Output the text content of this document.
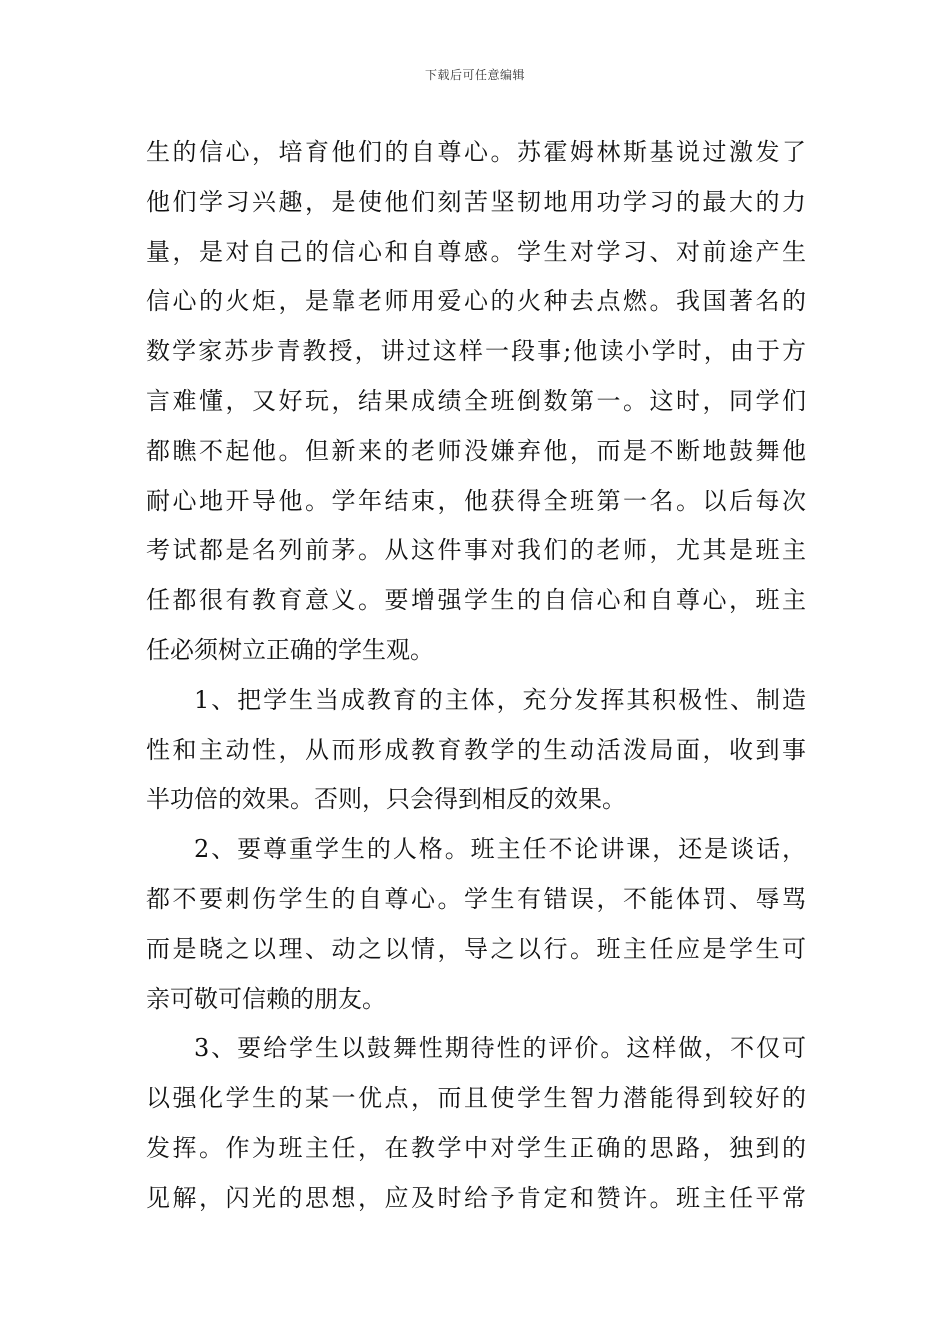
下载后可任意编辑
生的信心，培育他们的自尊心。苏霍姆林斯基说过激发了
他们学习兴趣，是使他们刻苦坚韧地用功学习的最大的力
量，是对自己的信心和自尊感。学生对学习、对前途产生
信心的火炬，是靠老师用爱心的火种去点燃。我国著名的
数学家苏步青教授，讲过这样一段事;他读小学时，由于方
言难懂，又好玩，结果成绩全班倒数第一。这时，同学们
都瞧不起他。但新来的老师没嫌弃他，而是不断地鼓舞他
耐心地开导他。学年结束，他获得全班第一名。以后每次
考试都是名列前茅。从这件事对我们的老师，尤其是班主
任都很有教育意义。要增强学生的自信心和自尊心，班主
任必须树立正确的学生观。
1、把学生当成教育的主体，充分发挥其积极性、制造
性和主动性，从而形成教育教学的生动活泼局面，收到事
半功倍的效果。否则，只会得到相反的效果。
2、要尊重学生的人格。班主任不论讲课，还是谈话，
都不要刺伤学生的自尊心。学生有错误，不能体罚、辱骂
而是晓之以理、动之以情，导之以行。班主任应是学生可
亲可敬可信赖的朋友。
3、要给学生以鼓舞性期待性的评价。这样做，不仅可
以强化学生的某一优点，而且使学生智力潜能得到较好的
发挥。作为班主任，在教学中对学生正确的思路，独到的
见解，闪光的思想，应及时给予肯定和赞许。班主任平常
